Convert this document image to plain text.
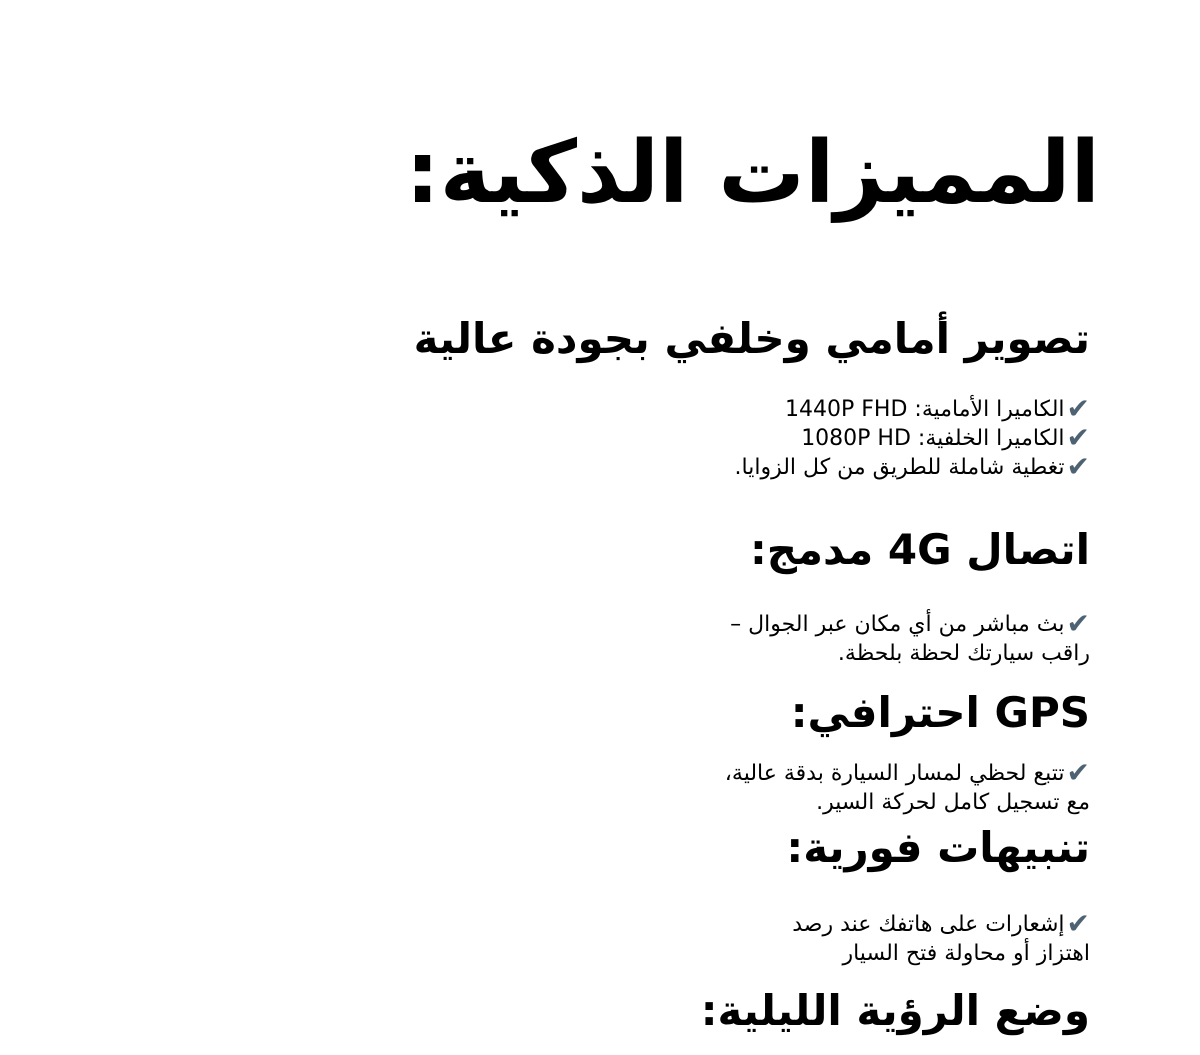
المميزات الذكية:
تصوير أمامي وخلفي بجودة عالية
✔الكاميرا الأمامية: 1440P FHD
✔الكاميرا الخلفية: 1080P HD
✔تغطية شاملة للطريق من كل الزوايا.
اتصال 4G مدمج:
✔بث مباشر من أي مكان عبر الجوال –
راقب سيارتك لحظة بلحظة.
GPS احترافي:
✔تتبع لحظي لمسار السيارة بدقة عالية،
مع تسجيل كامل لحركة السير.
تنبيهات فورية:
✔إشعارات على هاتفك عند رصد
اهتزاز أو محاولة فتح السيار
وضع الرؤية الليلية:
